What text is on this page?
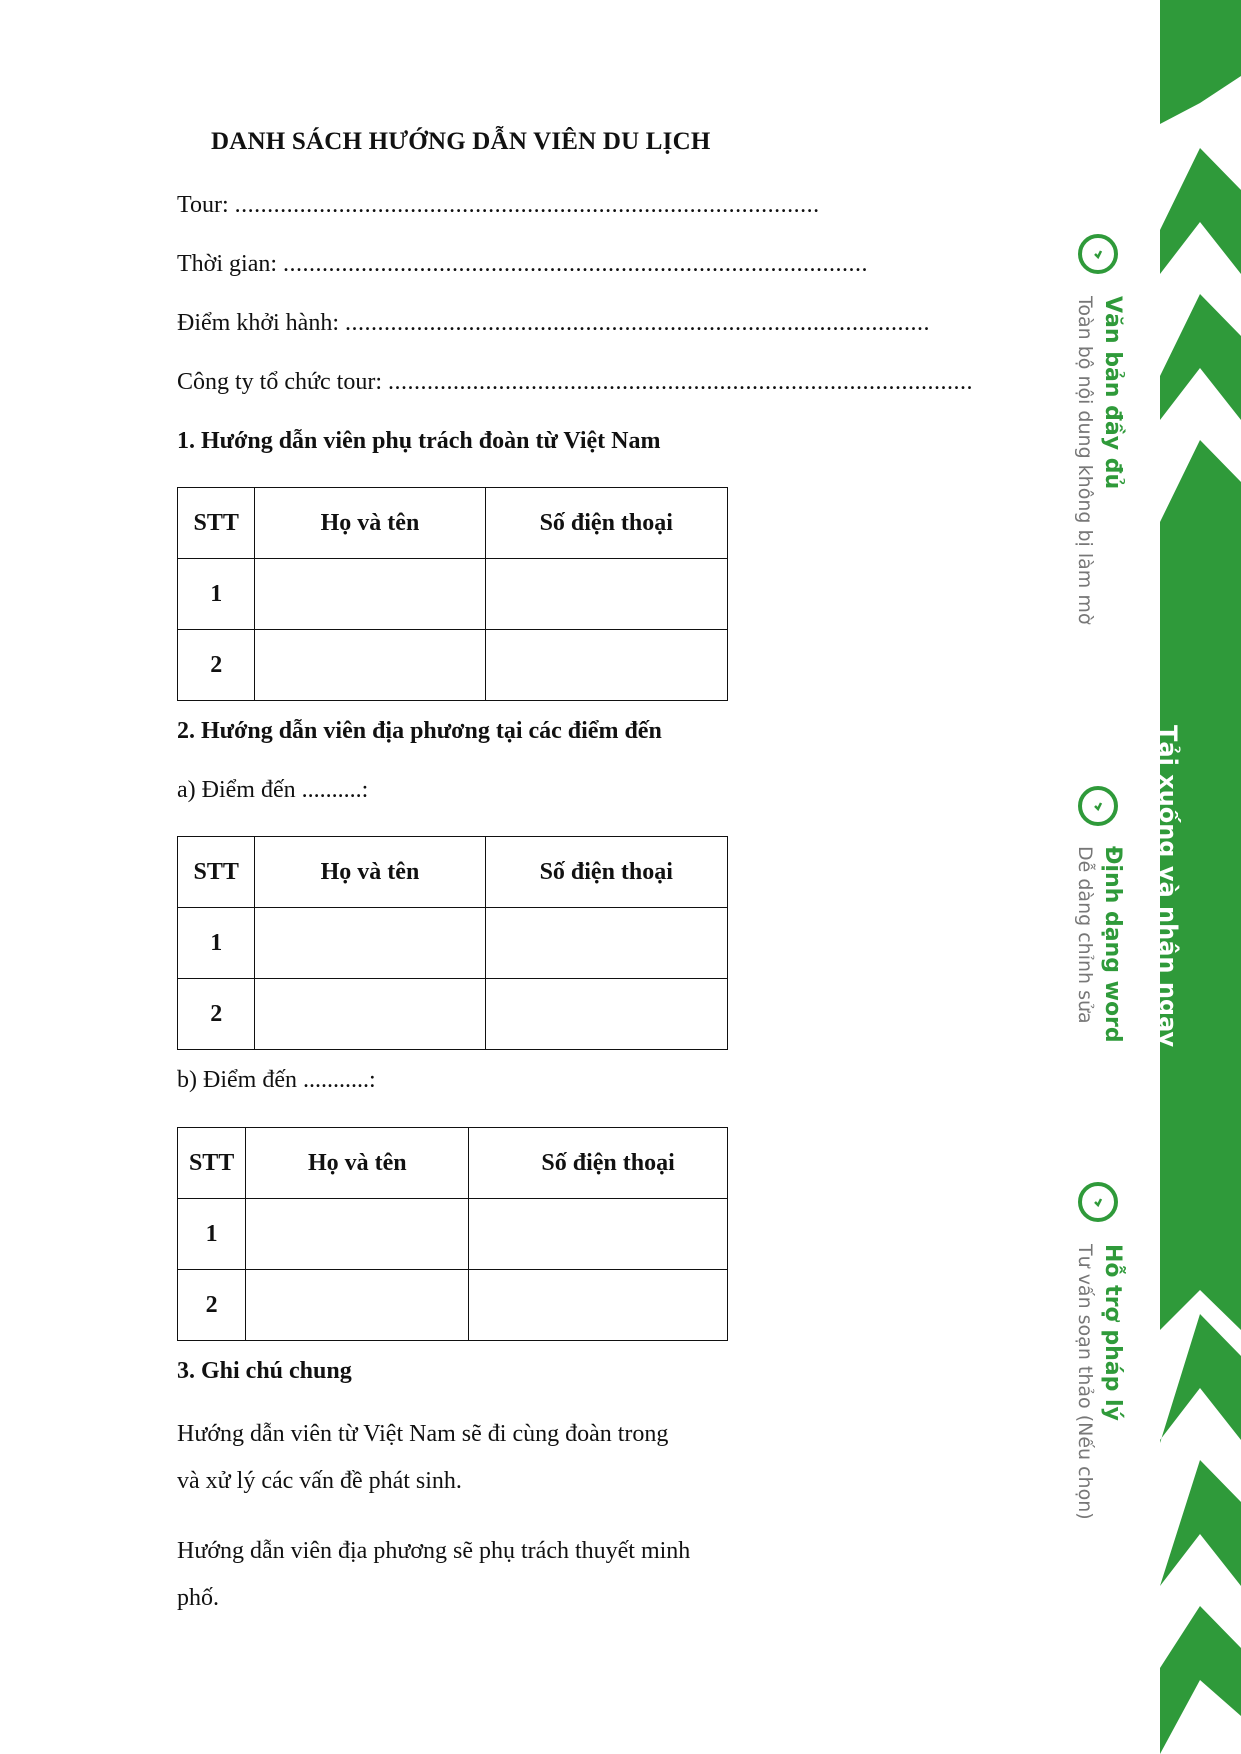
DANH SÁCH HƯỚNG DẪN VIÊN DU LỊCH
Tour: ..........................................................................................
Thời gian: ..........................................................................................
Điểm khởi hành: ..........................................................................................
Công ty tổ chức tour: ..........................................................................................
1. Hướng dẫn viên phụ trách đoàn từ Việt Nam
STT	Họ và tên	Số điện thoại
1		
2		
2. Hướng dẫn viên địa phương tại các điểm đến
a) Điểm đến ..........:
STT	Họ và tên	Số điện thoại
1		
2		
b) Điểm đến ...........:
STT	Họ và tên	Số điện thoại
1		
2		
3. Ghi chú chung
Hướng dẫn viên từ Việt Nam sẽ đi cùng đoàn trong
và xử lý các vấn đề phát sinh.
Hướng dẫn viên địa phương sẽ phụ trách thuyết minh
phố.
Tải xuống và nhận ngay
Văn bản đầy đủ
Toàn bộ nội dung không bị làm mờ
Định dạng word
Dễ dàng chỉnh sửa
Hỗ trợ pháp lý
Tư vấn soạn thảo (Nếu chọn)
